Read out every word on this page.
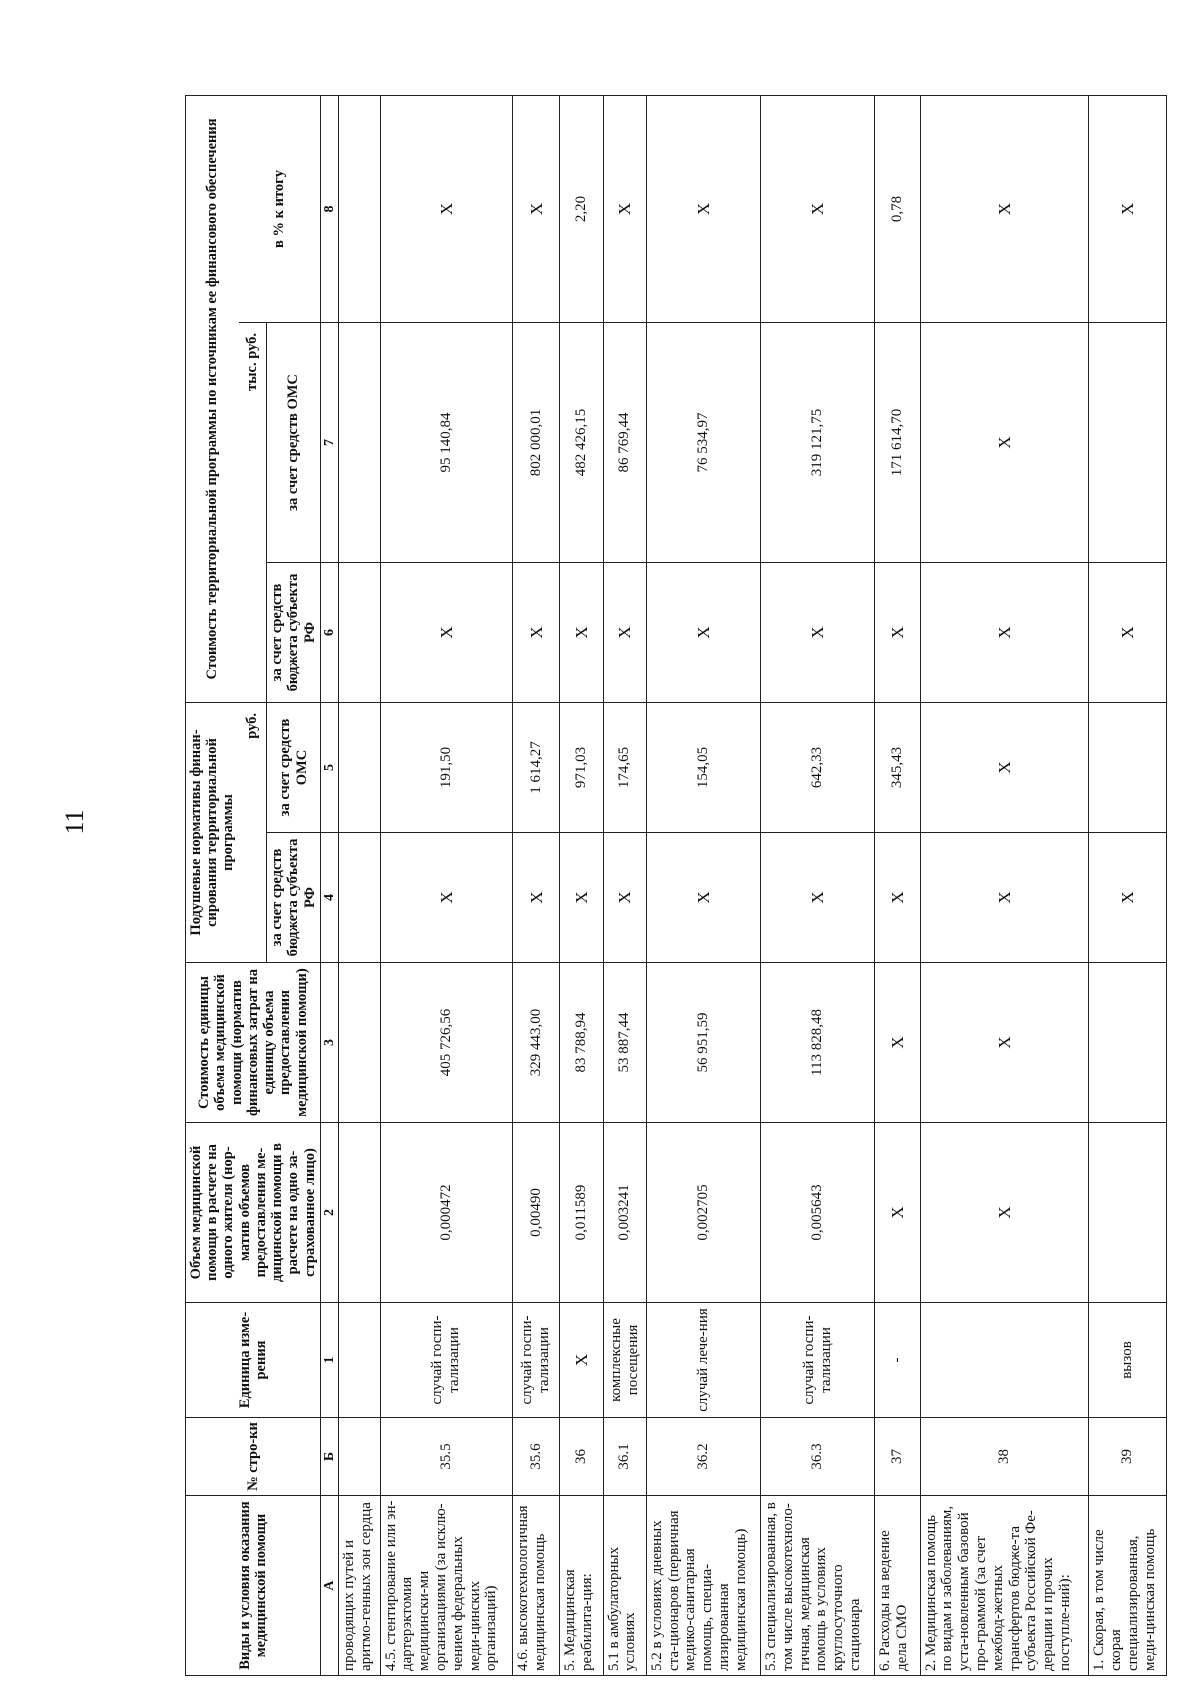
11
Виды и условия оказания медицинской помощи	№ стро-ки	Единица изме-рения	Объем медицинской помощи в расчете на одного жителя (нор-матив объемов предоставления ме-дицинской помощи в расчете на одно за-страхованное лицо)	Стоимость единицы объема медицинской помощи (норматив финансовых затрат на единицу объема предоставления медицинской помощи)	Подушевые нормативы финан-сирования территориальной программы		Стоимость территориальной программы по источникам ее финансового обеспечения		
					руб.		тыс. руб.		в % к итогу
					за счет средств бюджета субъекта РФ	за счет средств ОМС	за счет средств бюджета субъекта РФ	за счет средств ОМС	
А	Б	1	2	3	4	5	6	7	8
проводящих путей и аритмо-генных зон сердца									
4.5. стентирование или эн-дартерэктомия медицински-ми организациями (за исклю-чением федеральных меди-цинских организаций)	35.5	случай госпи-тализации	0,000472	405 726,56	X	191,50	X	95 140,84	X
4.6. высокотехнологичная медицинская помощь	35.6	случай госпи-тализации	0,00490	329 443,00	X	1 614,27	X	802 000,01	X
5. Медицинская реабилита-ция:	36	X	0,011589	83 788,94	X	971,03	X	482 426,15	2,20
5.1 в амбулаторных условиях	36.1	комплексные посещения	0,003241	53 887,44	X	174,65	X	86 769,44	X
5.2 в условиях дневных ста-ционаров (первичная медико-санитарная помощь, специа-лизированная медицинская помощь)	36.2	случай лече-ния	0,002705	56 951,59	X	154,05	X	76 534,97	X
5.3 специализированная, в том числе высокотехноло-гичная, медицинская помощь в условиях круглосуточного стационара	36.3	случай госпи-тализации	0,005643	113 828,48	X	642,33	X	319 121,75	X
6. Расходы на ведение дела СМО	37	-	X	X	X	345,43	X	171 614,70	0,78
2. Медицинская помощь по видам и заболеваниям, уста-новленным базовой про-граммой (за счет межбюд-жетных трансфертов бюдже-та субъекта Российской Фе-дерации и прочих поступле-ний):	38		X	X	X	X	X	X	X
1. Скорая, в том числе скорая специализированная, меди-цинская помощь	39	вызов			X		X		X
